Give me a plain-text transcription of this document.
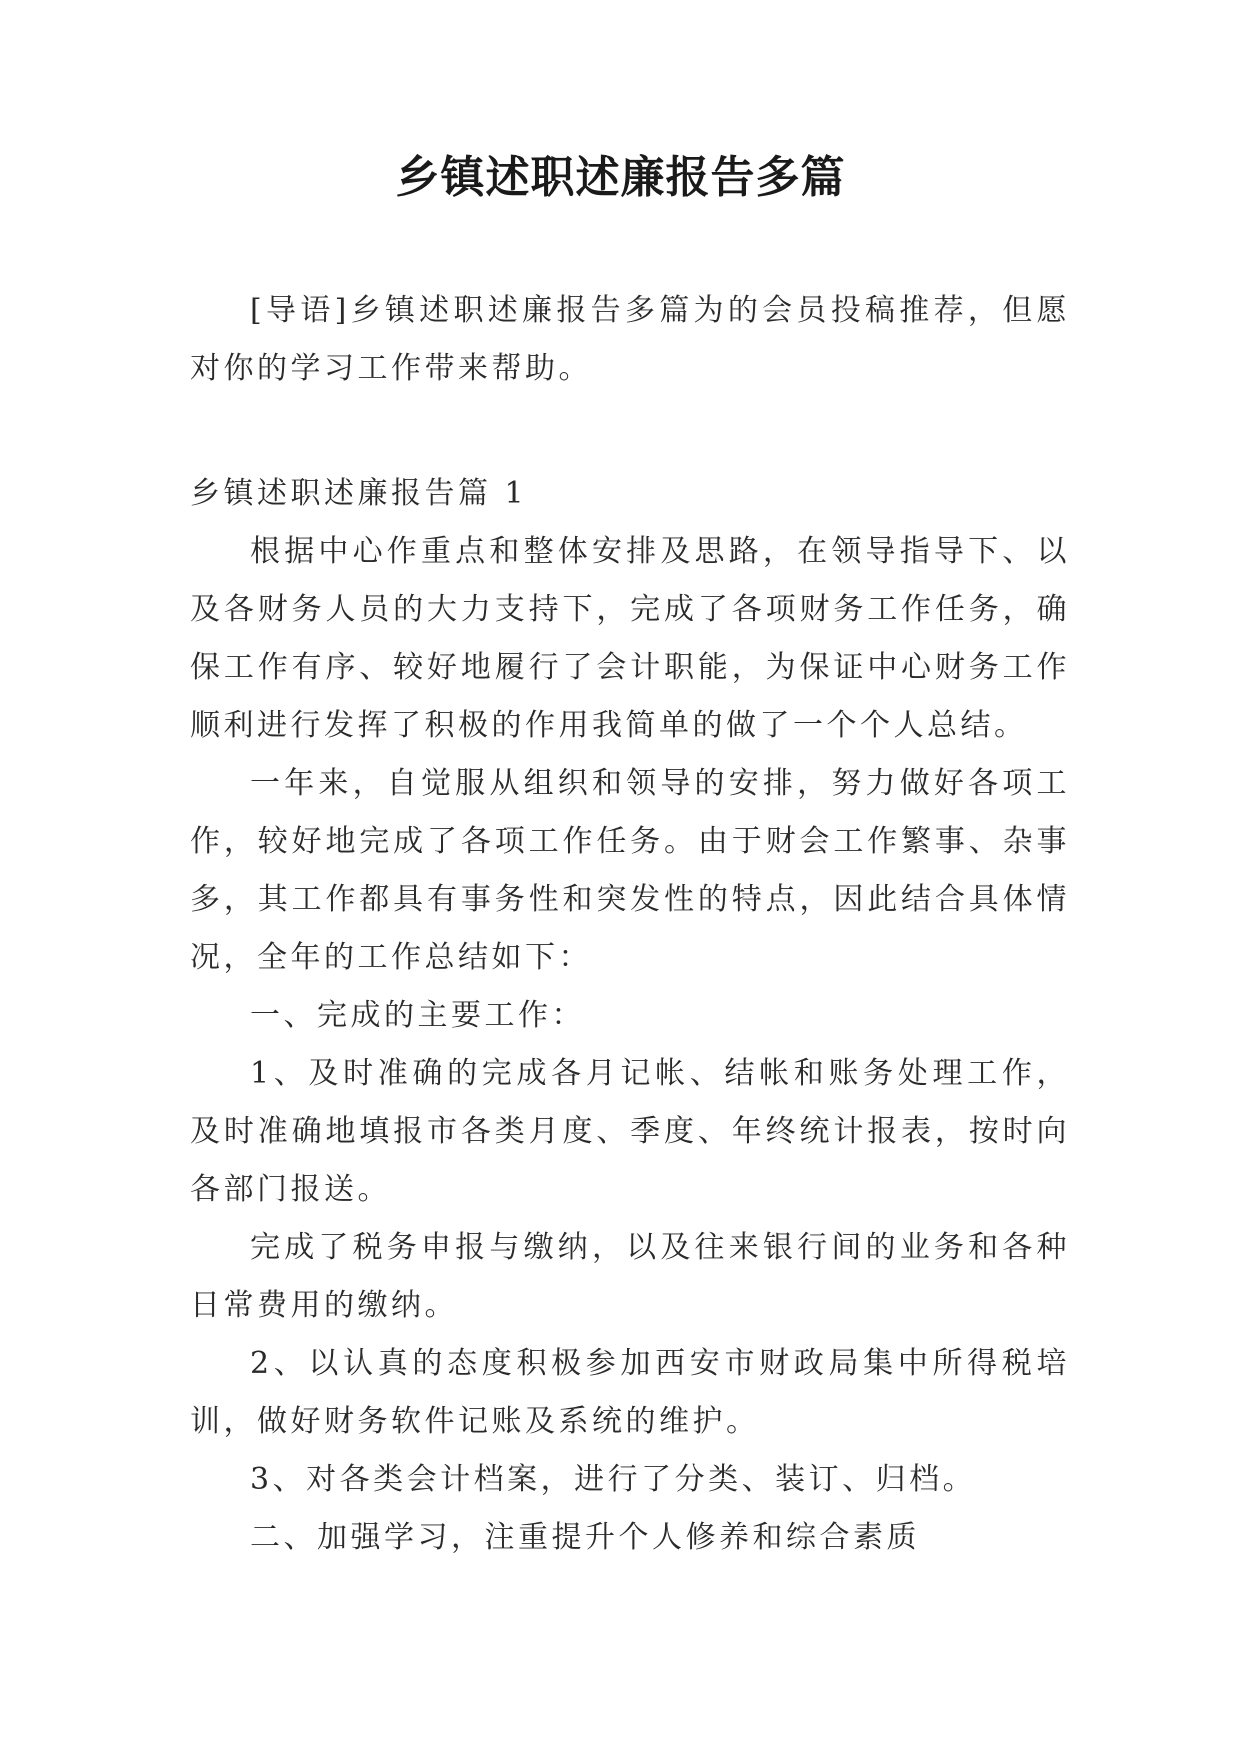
乡镇述职述廉报告多篇

[导语]乡镇述职述廉报告多篇为的会员投稿推荐，但愿对你的学习工作带来帮助。

乡镇述职述廉报告篇 1

根据中心作重点和整体安排及思路，在领导指导下、以及各财务人员的大力支持下，完成了各项财务工作任务，确保工作有序、较好地履行了会计职能，为保证中心财务工作顺利进行发挥了积极的作用我简单的做了一个个人总结。

一年来，自觉服从组织和领导的安排，努力做好各项工作，较好地完成了各项工作任务。由于财会工作繁事、杂事多，其工作都具有事务性和突发性的特点，因此结合具体情况，全年的工作总结如下：

一、完成的主要工作：

1、及时准确的完成各月记帐、结帐和账务处理工作，及时准确地填报市各类月度、季度、年终统计报表，按时向各部门报送。

完成了税务申报与缴纳，以及往来银行间的业务和各种日常费用的缴纳。

2、以认真的态度积极参加西安市财政局集中所得税培训，做好财务软件记账及系统的维护。

3、对各类会计档案，进行了分类、装订、归档。

二、加强学习，注重提升个人修养和综合素质
